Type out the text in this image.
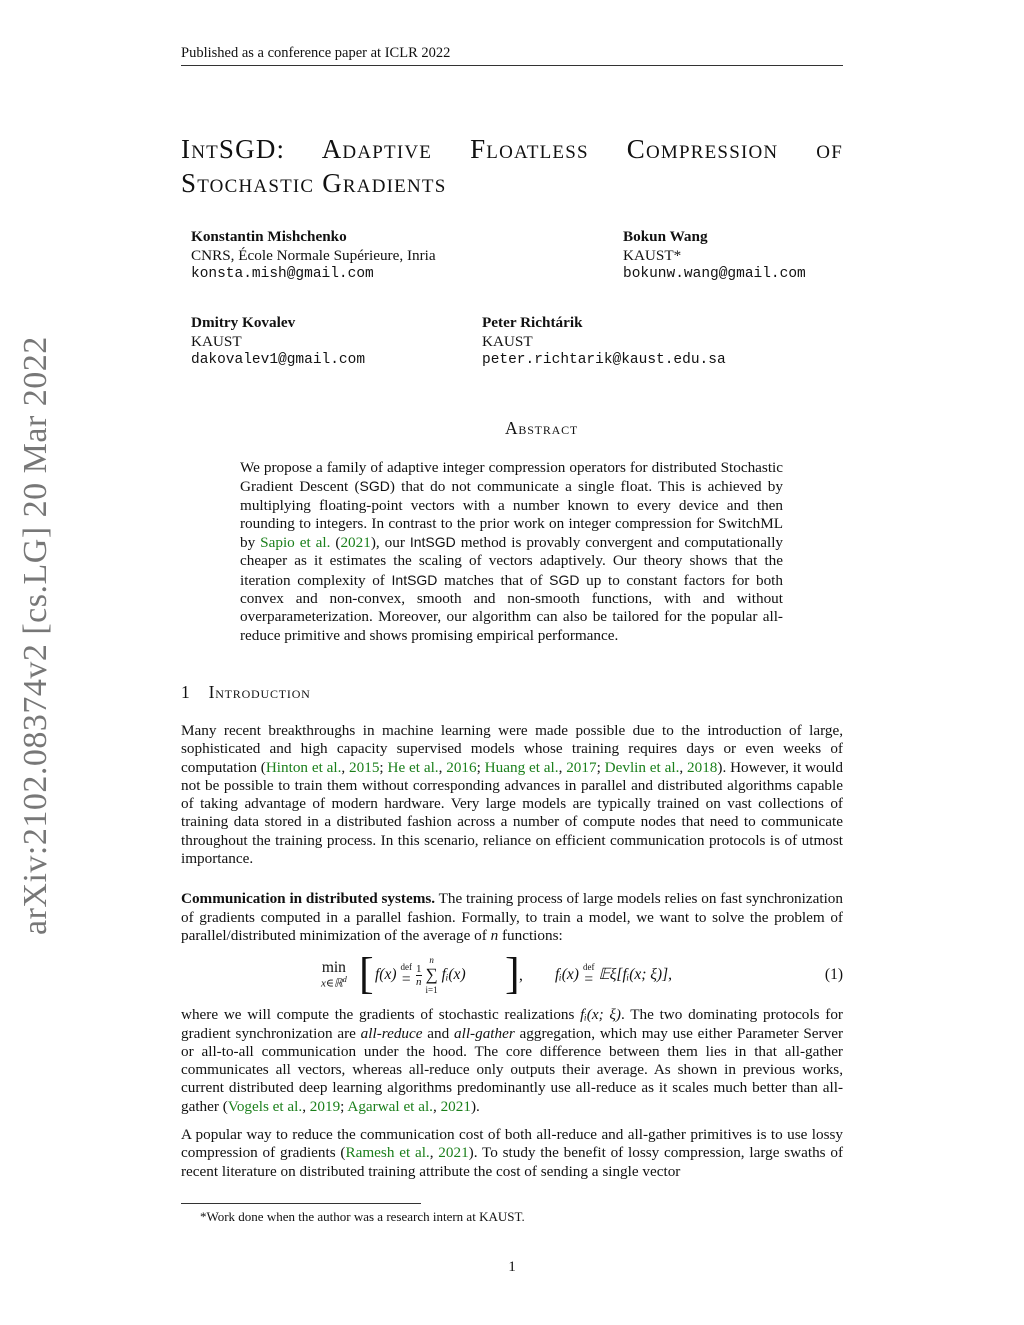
Published as a conference paper at ICLR 2022
arXiv:2102.08374v2 [cs.LG] 20 Mar 2022
IntSGD: Adaptive Floatless Compression of Stochastic Gradients
Konstantin Mishchenko
CNRS, École Normale Supérieure, Inria
konsta.mish@gmail.com
Bokun Wang
KAUST*
bokunw.wang@gmail.com
Dmitry Kovalev
KAUST
dakovalev1@gmail.com
Peter Richtárik
KAUST
peter.richtarik@kaust.edu.sa
Abstract
We propose a family of adaptive integer compression operators for distributed Stochastic Gradient Descent (SGD) that do not communicate a single float. This is achieved by multiplying floating-point vectors with a number known to every device and then rounding to integers. In contrast to the prior work on integer compression for SwitchML by Sapio et al. (2021), our IntSGD method is provably convergent and computationally cheaper as it estimates the scaling of vectors adaptively. Our theory shows that the iteration complexity of IntSGD matches that of SGD up to constant factors for both convex and non-convex, smooth and non-smooth functions, with and without overparameterization. Moreover, our algorithm can also be tailored for the popular all-reduce primitive and shows promising empirical performance.
1 Introduction
Many recent breakthroughs in machine learning were made possible due to the introduction of large, sophisticated and high capacity supervised models whose training requires days or even weeks of computation (Hinton et al., 2015; He et al., 2016; Huang et al., 2017; Devlin et al., 2018). However, it would not be possible to train them without corresponding advances in parallel and distributed algorithms capable of taking advantage of modern hardware. Very large models are typically trained on vast collections of training data stored in a distributed fashion across a number of compute nodes that need to communicate throughout the training process. In this scenario, reliance on efficient communication protocols is of utmost importance.
Communication in distributed systems. The training process of large models relies on fast synchronization of gradients computed in a parallel fashion. Formally, to train a model, we want to solve the problem of parallel/distributed minimization of the average of n functions:
min
x∈ℝ$^d$ [ f(x) def
= $\frac{1}{n}$
n
∑
i=1
fᵢ(x) ] , fᵢ(x) def
= 𝔼ξ[fᵢ(x; ξ)],	(1)
where we will compute the gradients of stochastic realizations fᵢ(x; ξ). The two dominating protocols for gradient synchronization are all-reduce and all-gather aggregation, which may use either Parameter Server or all-to-all communication under the hood. The core difference between them lies in that all-gather communicates all vectors, whereas all-reduce only outputs their average. As shown in previous works, current distributed deep learning algorithms predominantly use all-reduce as it scales much better than all-gather (Vogels et al., 2019; Agarwal et al., 2021).
A popular way to reduce the communication cost of both all-reduce and all-gather primitives is to use lossy compression of gradients (Ramesh et al., 2021). To study the benefit of lossy compression, large swaths of recent literature on distributed training attribute the cost of sending a single vector
*Work done when the author was a research intern at KAUST.
1
